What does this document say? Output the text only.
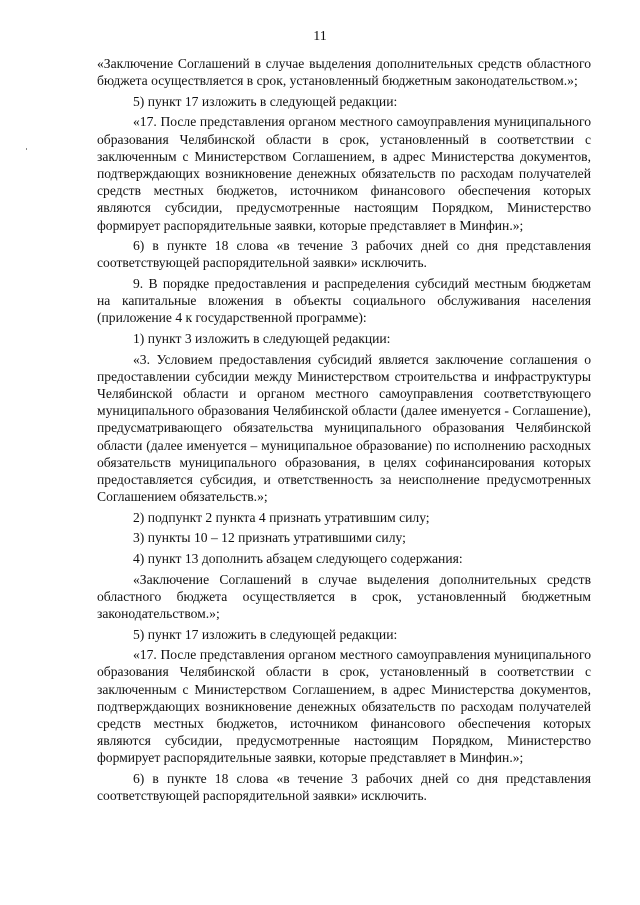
11

«Заключение Соглашений в случае выделения дополнительных средств областного бюджета осуществляется в срок, установленный бюджетным законодательством.»;

5) пункт 17 изложить в следующей редакции:

«17. После представления органом местного самоуправления муниципального образования Челябинской области в срок, установленный в соответствии с заключенным с Министерством Соглашением, в адрес Министерства документов, подтверждающих возникновение денежных обязательств по расходам получателей средств местных бюджетов, источником финансового обеспечения которых являются субсидии, предусмотренные настоящим Порядком, Министерство формирует распорядительные заявки, которые представляет в Минфин.»;

6) в пункте 18 слова «в течение 3 рабочих дней со дня представления соответствующей распорядительной заявки» исключить.

9. В порядке предоставления и распределения субсидий местным бюджетам на капитальные вложения в объекты социального обслуживания населения (приложение 4 к государственной программе):

1) пункт 3 изложить в следующей редакции:

«3. Условием предоставления субсидий является заключение соглашения о предоставлении субсидии между Министерством строительства и инфраструктуры Челябинской области и органом местного самоуправления соответствующего муниципального образования Челябинской области (далее именуется - Соглашение), предусматривающего обязательства муниципального образования Челябинской области (далее именуется – муниципальное образование) по исполнению расходных обязательств муниципального образования, в целях софинансирования которых предоставляется субсидия, и ответственность за неисполнение предусмотренных Соглашением обязательств.»;

2) подпункт 2 пункта 4 признать утратившим силу;

3) пункты 10 – 12 признать утратившими силу;

4) пункт 13 дополнить абзацем следующего содержания:

«Заключение Соглашений в случае выделения дополнительных средств областного бюджета осуществляется в срок, установленный бюджетным законодательством.»;

5) пункт 17 изложить в следующей редакции:

«17. После представления органом местного самоуправления муниципального образования Челябинской области в срок, установленный в соответствии с заключенным с Министерством Соглашением, в адрес Министерства документов, подтверждающих возникновение денежных обязательств по расходам получателей средств местных бюджетов, источником финансового обеспечения которых являются субсидии, предусмотренные настоящим Порядком, Министерство формирует распорядительные заявки, которые представляет в Минфин.»;

6) в пункте 18 слова «в течение 3 рабочих дней со дня представления соответствующей распорядительной заявки» исключить.
